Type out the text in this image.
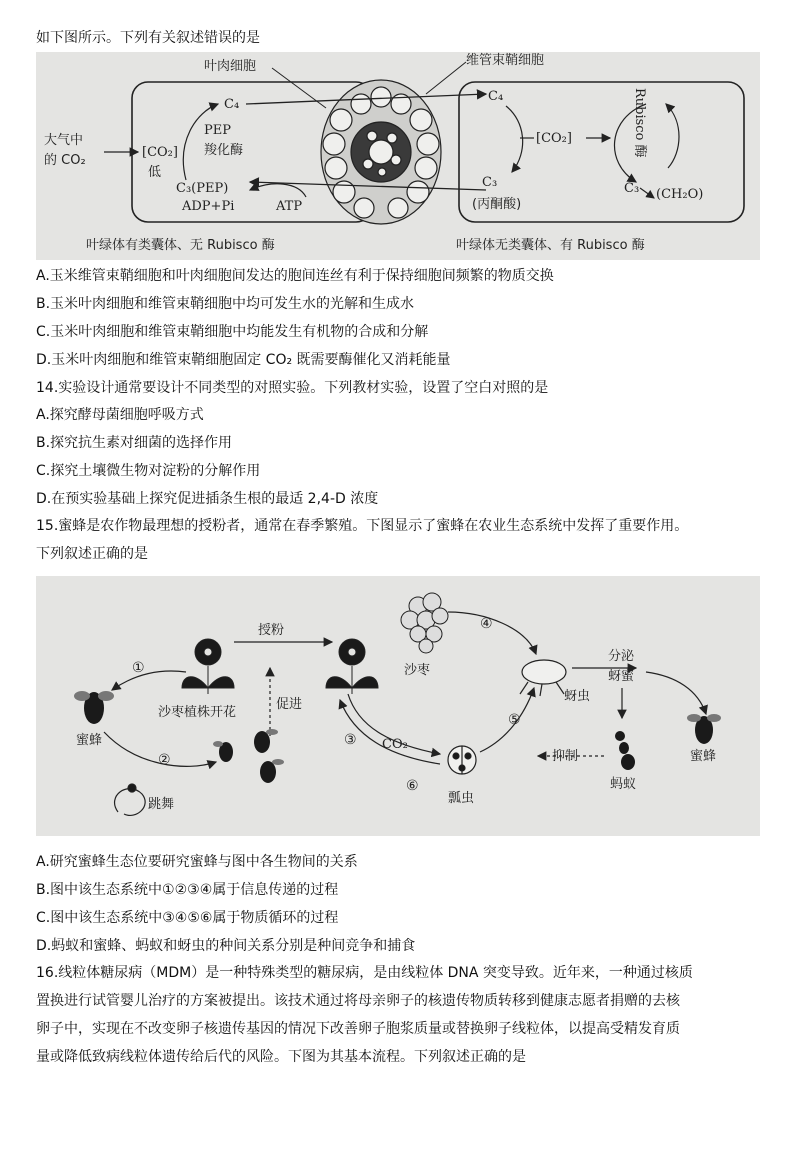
如下图所示。下列有关叙述错误的是
叶肉细胞	维管束鞘细胞
大气中
的 CO₂
[CO₂]
低
C₄
PEP
羧化酶
C₃(PEP)
ADP+Pi	ATP
C₄
[CO₂]
C₃
(丙酮酸)
Rubisco 酶
C₃ (CH₂O)
叶绿体有类囊体、无 Rubisco 酶	叶绿体无类囊体、有 Rubisco 酶
A.玉米维管束鞘细胞和叶肉细胞间发达的胞间连丝有利于保持细胞间频繁的物质交换
B.玉米叶肉细胞和维管束鞘细胞中均可发生水的光解和生成水
C.玉米叶肉细胞和维管束鞘细胞中均能发生有机物的合成和分解
D.玉米叶肉细胞和维管束鞘细胞固定 CO₂ 既需要酶催化又消耗能量
14.实验设计通常要设计不同类型的对照实验。下列教材实验，设置了空白对照的是
A.探究酵母菌细胞呼吸方式
B.探究抗生素对细菌的选择作用
C.探究土壤微生物对淀粉的分解作用
D.在预实验基础上探究促进插条生根的最适 2,4-D 浓度
15.蜜蜂是农作物最理想的授粉者，通常在春季繁殖。下图显示了蜜蜂在农业生态系统中发挥了重要作用。
下列叙述正确的是
沙枣植株开花
授粉
促进
蜜蜂
①
②
跳舞
沙枣
④
蚜虫
分泌
蚜蜜
蜜蜂
蚂蚁
抑制
瓢虫
⑤
③ CO₂
⑥
A.研究蜜蜂生态位要研究蜜蜂与图中各生物间的关系
B.图中该生态系统中①②③④属于信息传递的过程
C.图中该生态系统中③④⑤⑥属于物质循环的过程
D.蚂蚁和蜜蜂、蚂蚁和蚜虫的种间关系分别是种间竞争和捕食
16.线粒体糖尿病（MDM）是一种特殊类型的糖尿病，是由线粒体 DNA 突变导致。近年来，一种通过核质
置换进行试管婴儿治疗的方案被提出。该技术通过将母亲卵子的核遗传物质转移到健康志愿者捐赠的去核
卵子中，实现在不改变卵子核遗传基因的情况下改善卵子胞浆质量或替换卵子线粒体，以提高受精发育质
量或降低致病线粒体遗传给后代的风险。下图为其基本流程。下列叙述正确的是
